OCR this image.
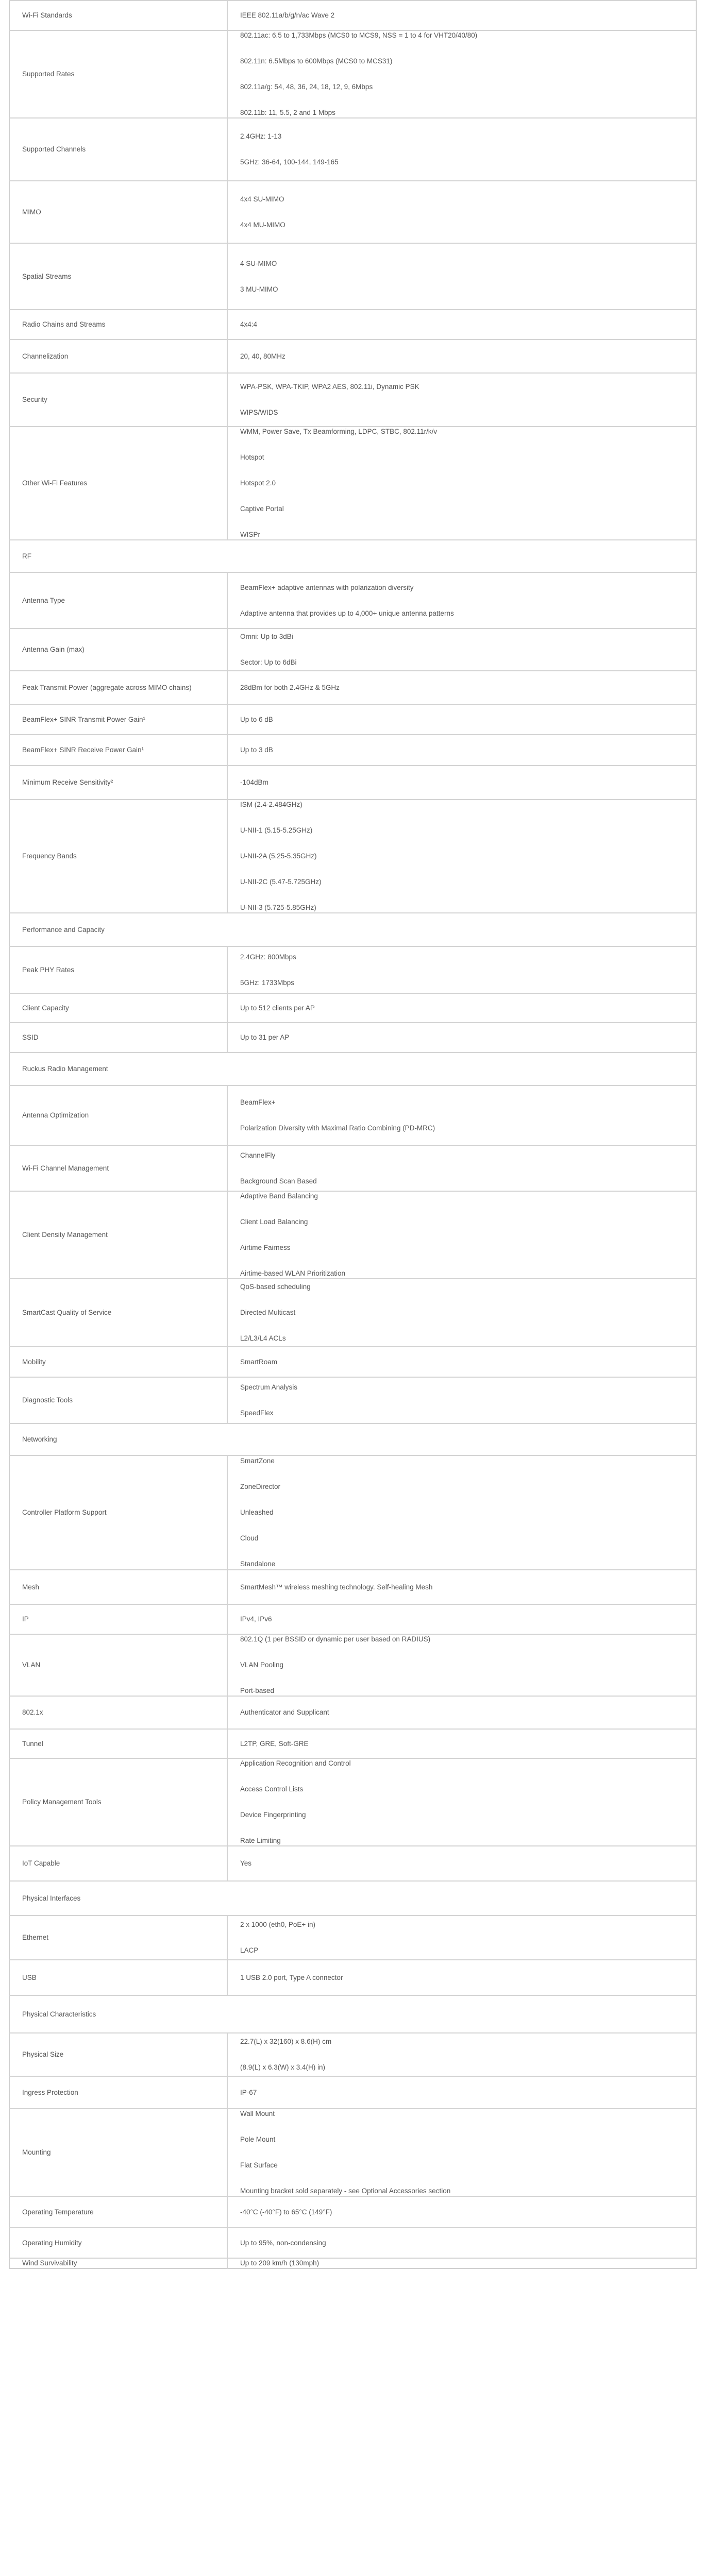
Wi-Fi Standards	IEEE 802.11a/b/g/n/ac Wave 2

Supported Rates	802.11ac: 6.5 to 1,733Mbps (MCS0 to MCS9, NSS = 1 to 4 for VHT20/40/80)
802.11n: 6.5Mbps to 600Mbps (MCS0 to MCS31)
802.11a/g: 54, 48, 36, 24, 18, 12, 9, 6Mbps
802.11b: 11, 5.5, 2 and 1 Mbps

Supported Channels	2.4GHz: 1-13
5GHz: 36-64, 100-144, 149-165

MIMO	4x4 SU-MIMO
4x4 MU-MIMO

Spatial Streams	4 SU-MIMO
3 MU-MIMO

Radio Chains and Streams	4x4:4

Channelization	20, 40, 80MHz

Security	WPA-PSK, WPA-TKIP, WPA2 AES, 802.11i, Dynamic PSK
WIPS/WIDS

Other Wi-Fi Features	WMM, Power Save, Tx Beamforming, LDPC, STBC, 802.11r/k/v
Hotspot
Hotspot 2.0
Captive Portal
WISPr

RF	
Antenna Type	BeamFlex+ adaptive antennas with polarization diversity
Adaptive antenna that provides up to 4,000+ unique antenna patterns

Antenna Gain (max)	Omni: Up to 3dBi
Sector: Up to 6dBi

Peak Transmit Power (aggregate across MIMO chains)	28dBm for both 2.4GHz & 5GHz

BeamFlex+ SINR Transmit Power Gain¹	Up to 6 dB

BeamFlex+ SINR Receive Power Gain¹	Up to 3 dB

Minimum Receive Sensitivity²	-104dBm

Frequency Bands	ISM (2.4-2.484GHz)
U-NII-1 (5.15-5.25GHz)
U-NII-2A (5.25-5.35GHz)
U-NII-2C (5.47-5.725GHz)
U-NII-3 (5.725-5.85GHz)

Performance and Capacity	
Peak PHY Rates	2.4GHz: 800Mbps
5GHz: 1733Mbps

Client Capacity	Up to 512 clients per AP

SSID	Up to 31 per AP

Ruckus Radio Management	
Antenna Optimization	BeamFlex+
Polarization Diversity with Maximal Ratio Combining (PD-MRC)

Wi-Fi Channel Management	ChannelFly
Background Scan Based

Client Density Management	Adaptive Band Balancing
Client Load Balancing
Airtime Fairness
Airtime-based WLAN Prioritization

SmartCast Quality of Service	QoS-based scheduling
Directed Multicast
L2/L3/L4 ACLs

Mobility	SmartRoam

Diagnostic Tools	Spectrum Analysis
SpeedFlex

Networking	
Controller Platform Support	SmartZone
ZoneDirector
Unleashed
Cloud
Standalone

Mesh	SmartMesh™ wireless meshing technology. Self-healing Mesh

IP	IPv4, IPv6

VLAN	802.1Q (1 per BSSID or dynamic per user based on RADIUS)
VLAN Pooling
Port-based

802.1x	Authenticator and Supplicant

Tunnel	L2TP, GRE, Soft-GRE

Policy Management Tools	Application Recognition and Control
Access Control Lists
Device Fingerprinting
Rate Limiting

IoT Capable	Yes

Physical Interfaces	
Ethernet	2 x 1000 (eth0, PoE+ in)
LACP

USB	1 USB 2.0 port, Type A connector

Physical Characteristics	
Physical Size	22.7(L) x 32(160) x 8.6(H) cm
(8.9(L) x 6.3(W) x 3.4(H) in)

Ingress Protection	IP-67

Mounting	Wall Mount
Pole Mount
Flat Surface
Mounting bracket sold separately - see Optional Accessories section

Operating Temperature	-40°C (-40°F) to 65°C (149°F)

Operating Humidity	Up to 95%, non-condensing

Wind Survivability	Up to 209 km/h (130mph)
